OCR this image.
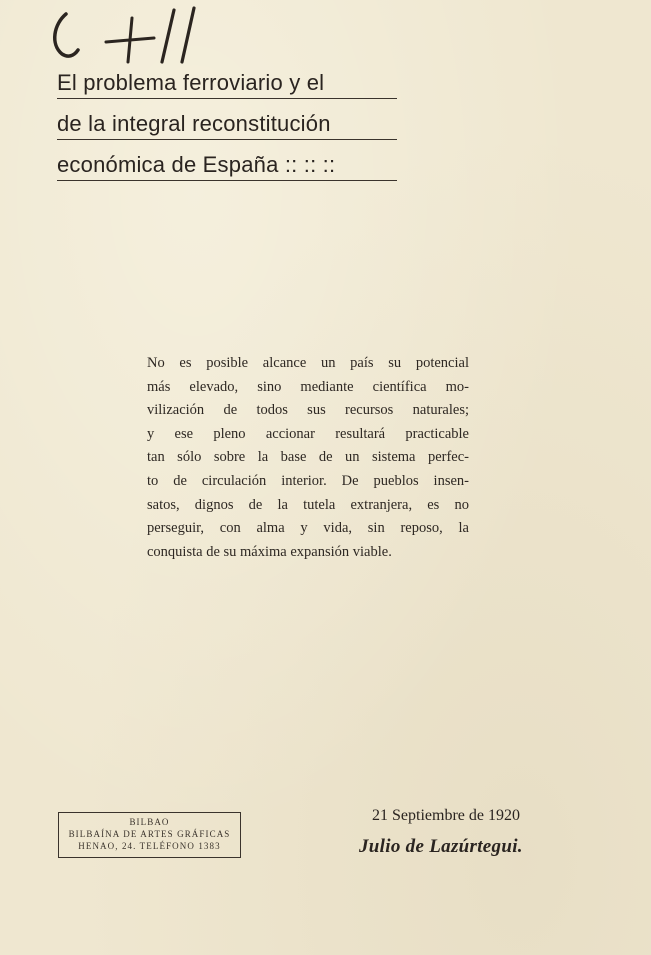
El problema ferroviario y el
de la integral reconstitución
económica de España :: :: ::
No es posible alcance un país su potencial
más elevado, sino mediante científica mo-
vilización de todos sus recursos naturales;
y ese pleno accionar resultará practicable
tan sólo sobre la base de un sistema perfec-
to de circulación interior. De pueblos insen-
satos, dignos de la tutela extranjera, es no
perseguir, con alma y vida, sin reposo, la
conquista de su máxima expansión viable.
BILBAO
BILBAÍNA DE ARTES GRÁFICAS
HENAO, 24. TELÉFONO 1383
21 Septiembre de 1920
Julio de Lazúrtegui.
